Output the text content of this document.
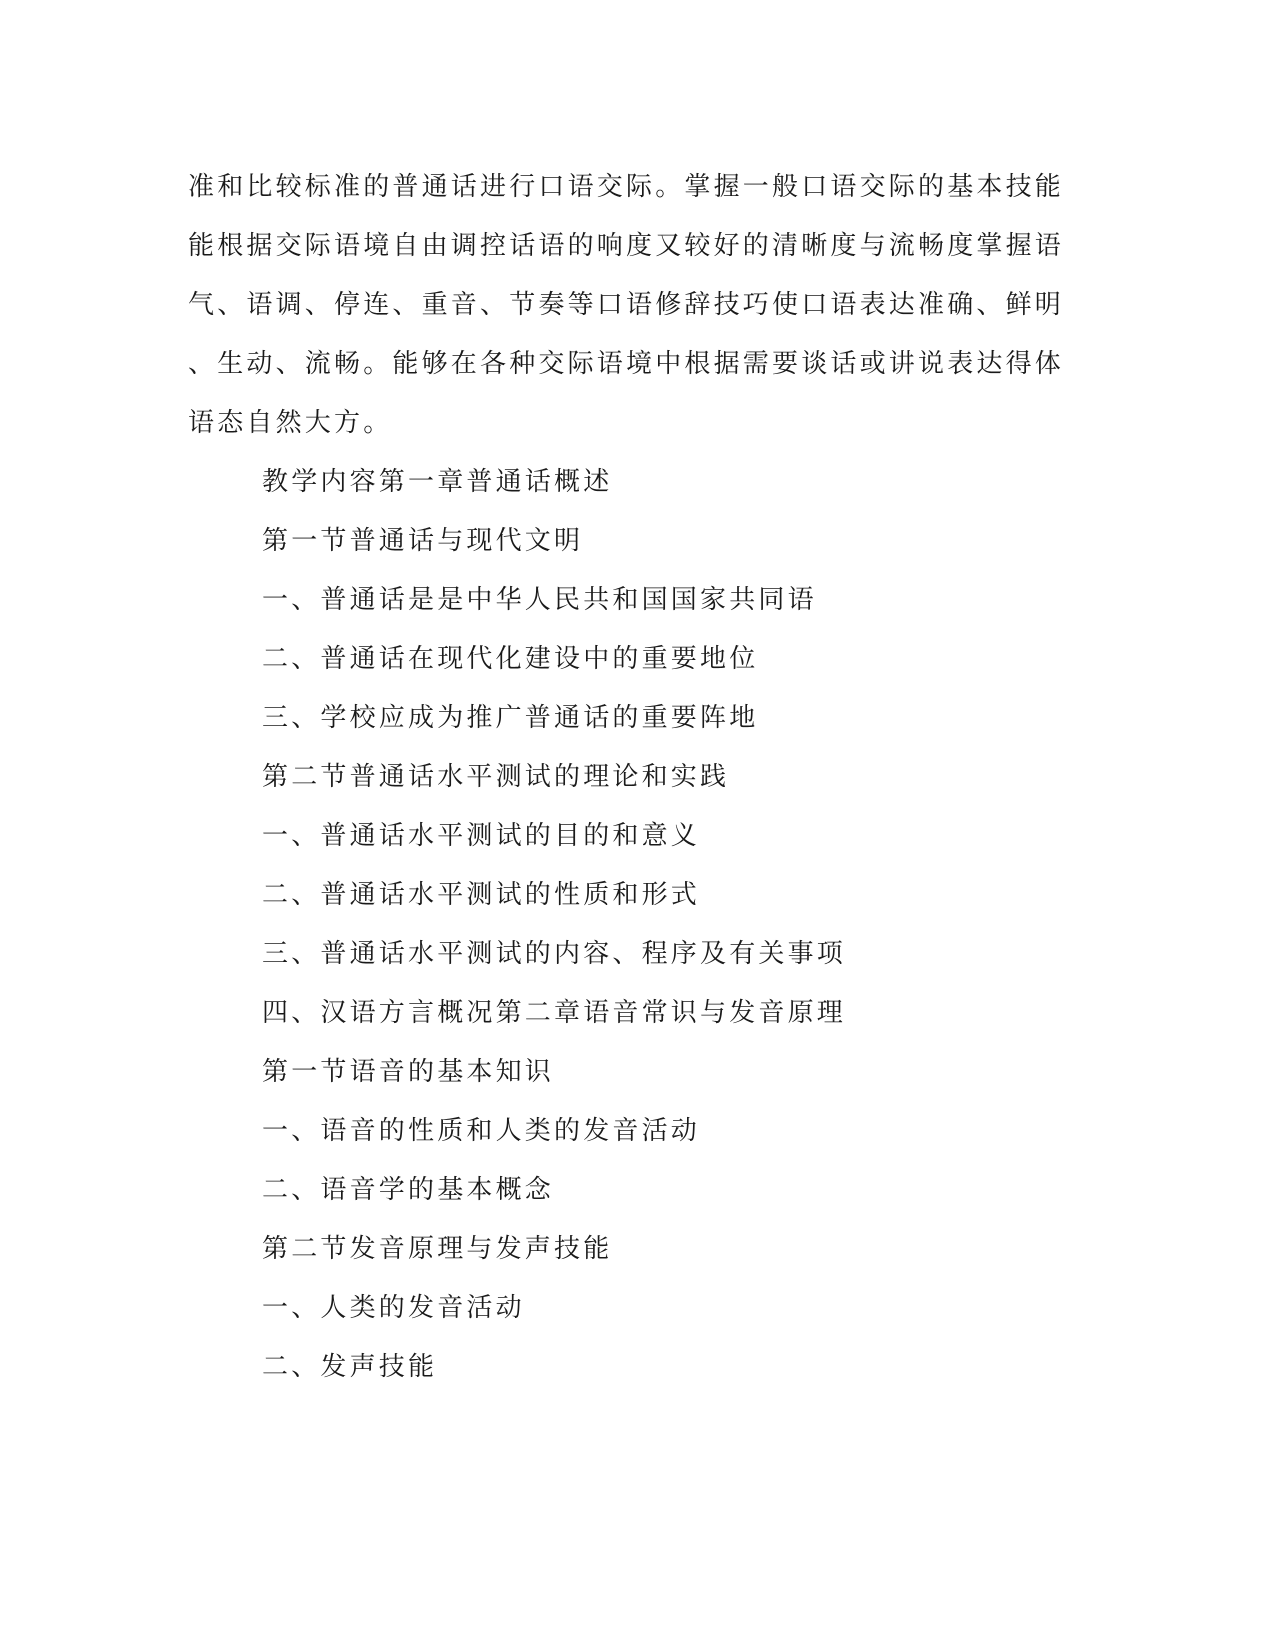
准和比较标准的普通话进行口语交际。掌握一般口语交际的基本技能
能根据交际语境自由调控话语的响度又较好的清晰度与流畅度掌握语
气、语调、停连、重音、节奏等口语修辞技巧使口语表达准确、鲜明
、生动、流畅。能够在各种交际语境中根据需要谈话或讲说表达得体
语态自然大方。
教学内容第一章普通话概述
第一节普通话与现代文明
一、普通话是是中华人民共和国国家共同语
二、普通话在现代化建设中的重要地位
三、学校应成为推广普通话的重要阵地
第二节普通话水平测试的理论和实践
一、普通话水平测试的目的和意义
二、普通话水平测试的性质和形式
三、普通话水平测试的内容、程序及有关事项
四、汉语方言概况第二章语音常识与发音原理
第一节语音的基本知识
一、语音的性质和人类的发音活动
二、语音学的基本概念
第二节发音原理与发声技能
一、人类的发音活动
二、发声技能
